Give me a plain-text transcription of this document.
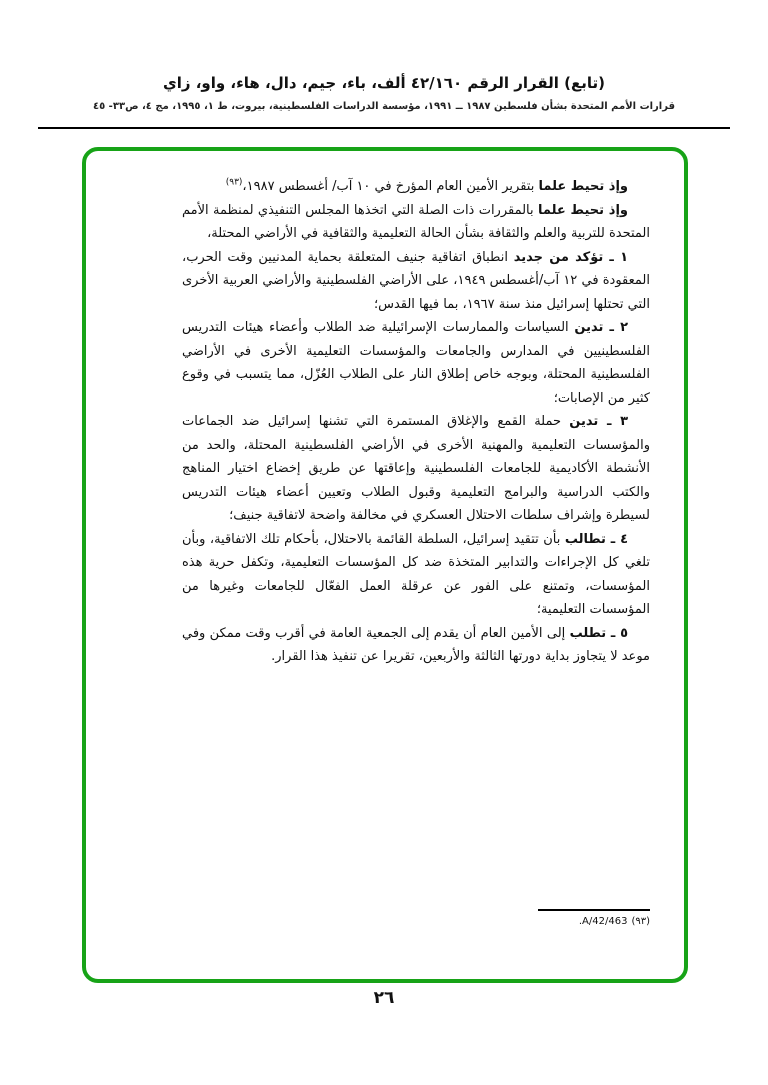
(تابع) القرار الرقم ٤٢/١٦٠ ألف، باء، جيم، دال، هاء، واو، زاي
قرارات الأمم المتحدة بشأن فلسطين ١٩٨٧ ــ ١٩٩١، مؤسسة الدراسات الفلسطينية، بيروت، ط ١، ١٩٩٥، مج ٤، ص٣٣- ٤٥

وإذ تحيط علما بتقرير الأمين العام المؤرخ في ١٠ آب/ أغسطس ١٩٨٧،$^{(٩٣)}$

وإذ تحيط علما بالمقررات ذات الصلة التي اتخذها المجلس التنفيذي لمنظمة الأمم المتحدة للتربية والعلم والثقافة بشأن الحالة التعليمية والثقافية في الأراضي المحتلة،

١ ـ تؤكد من جديد انطباق اتفاقية جنيف المتعلقة بحماية المدنيين وقت الحرب، المعقودة في ١٢ آب/أغسطس ١٩٤٩، على الأراضي الفلسطينية والأراضي العربية الأخرى التي تحتلها إسرائيل منذ سنة ١٩٦٧، بما فيها القدس؛

٢ ـ تدين السياسات والممارسات الإسرائيلية ضد الطلاب وأعضاء هيئات التدريس الفلسطينيين في المدارس والجامعات والمؤسسات التعليمية الأخرى في الأراضي الفلسطينية المحتلة، وبوجه خاص إطلاق النار على الطلاب العُزّل، مما يتسبب في وقوع كثير من الإصابات؛

٣ ـ تدين حملة القمع والإغلاق المستمرة التي تشنها إسرائيل ضد الجماعات والمؤسسات التعليمية والمهنية الأخرى في الأراضي الفلسطينية المحتلة، والحد من الأنشطة الأكاديمية للجامعات الفلسطينية وإعاقتها عن طريق إخضاع اختيار المناهج والكتب الدراسية والبرامج التعليمية وقبول الطلاب وتعيين أعضاء هيئات التدريس لسيطرة وإشراف سلطات الاحتلال العسكري في مخالفة واضحة لاتفاقية جنيف؛

٤ ـ تطالب بأن تتقيد إسرائيل، السلطة القائمة بالاحتلال، بأحكام تلك الاتفاقية، وبأن تلغي كل الإجراءات والتدابير المتخذة ضد كل المؤسسات التعليمية، وتكفل حرية هذه المؤسسات، وتمتنع على الفور عن عرقلة العمل الفعّال للجامعات وغيرها من المؤسسات التعليمية؛

٥ ـ تطلب إلى الأمين العام أن يقدم إلى الجمعية العامة في أقرب وقت ممكن وفي موعد لا يتجاوز بداية دورتها الثالثة والأربعين، تقريرا عن تنفيذ هذا القرار.

(٩٣)A/42/463.
٢٦
